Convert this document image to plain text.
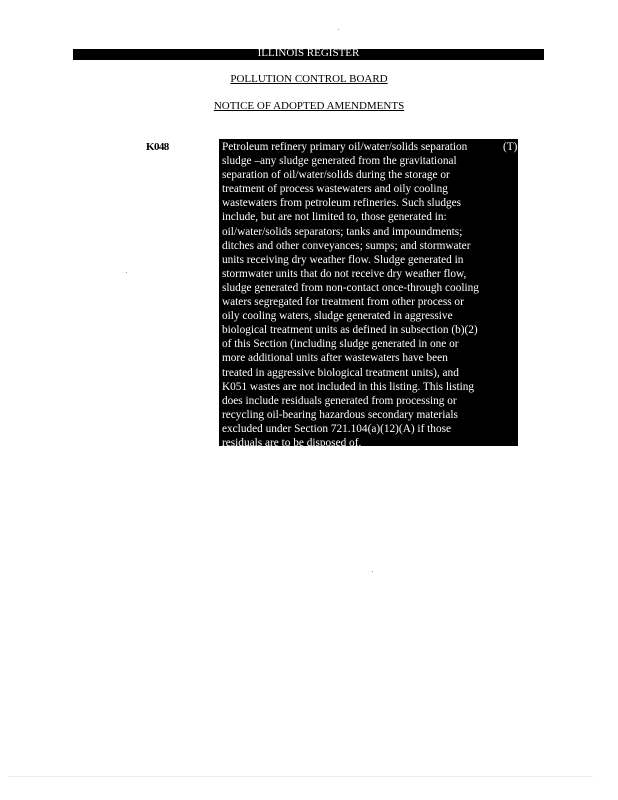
ILLINOIS REGISTER
POLLUTION CONTROL BOARD
NOTICE OF ADOPTED AMENDMENTS
K048	Petroleum refinery primary oil/water/solids separation
sludge –any sludge generated from the gravitational
separation of oil/water/solids during the storage or
treatment of process wastewaters and oily cooling
wastewaters from petroleum refineries. Such sludges
include, but are not limited to, those generated in:
oil/water/solids separators; tanks and impoundments;
ditches and other conveyances; sumps; and stormwater
units receiving dry weather flow. Sludge generated in
stormwater units that do not receive dry weather flow,
sludge generated from non-contact once-through cooling
waters segregated for treatment from other process or
oily cooling waters, sludge generated in aggressive
biological treatment units as defined in subsection (b)(2)
of this Section (including sludge generated in one or
more additional units after wastewaters have been
treated in aggressive biological treatment units), and
K051 wastes are not included in this listing. This listing
does include residuals generated from processing or
recycling oil-bearing hazardous secondary materials
excluded under Section 721.104(a)(12)(A) if those
residuals are to be disposed of.
(T)
